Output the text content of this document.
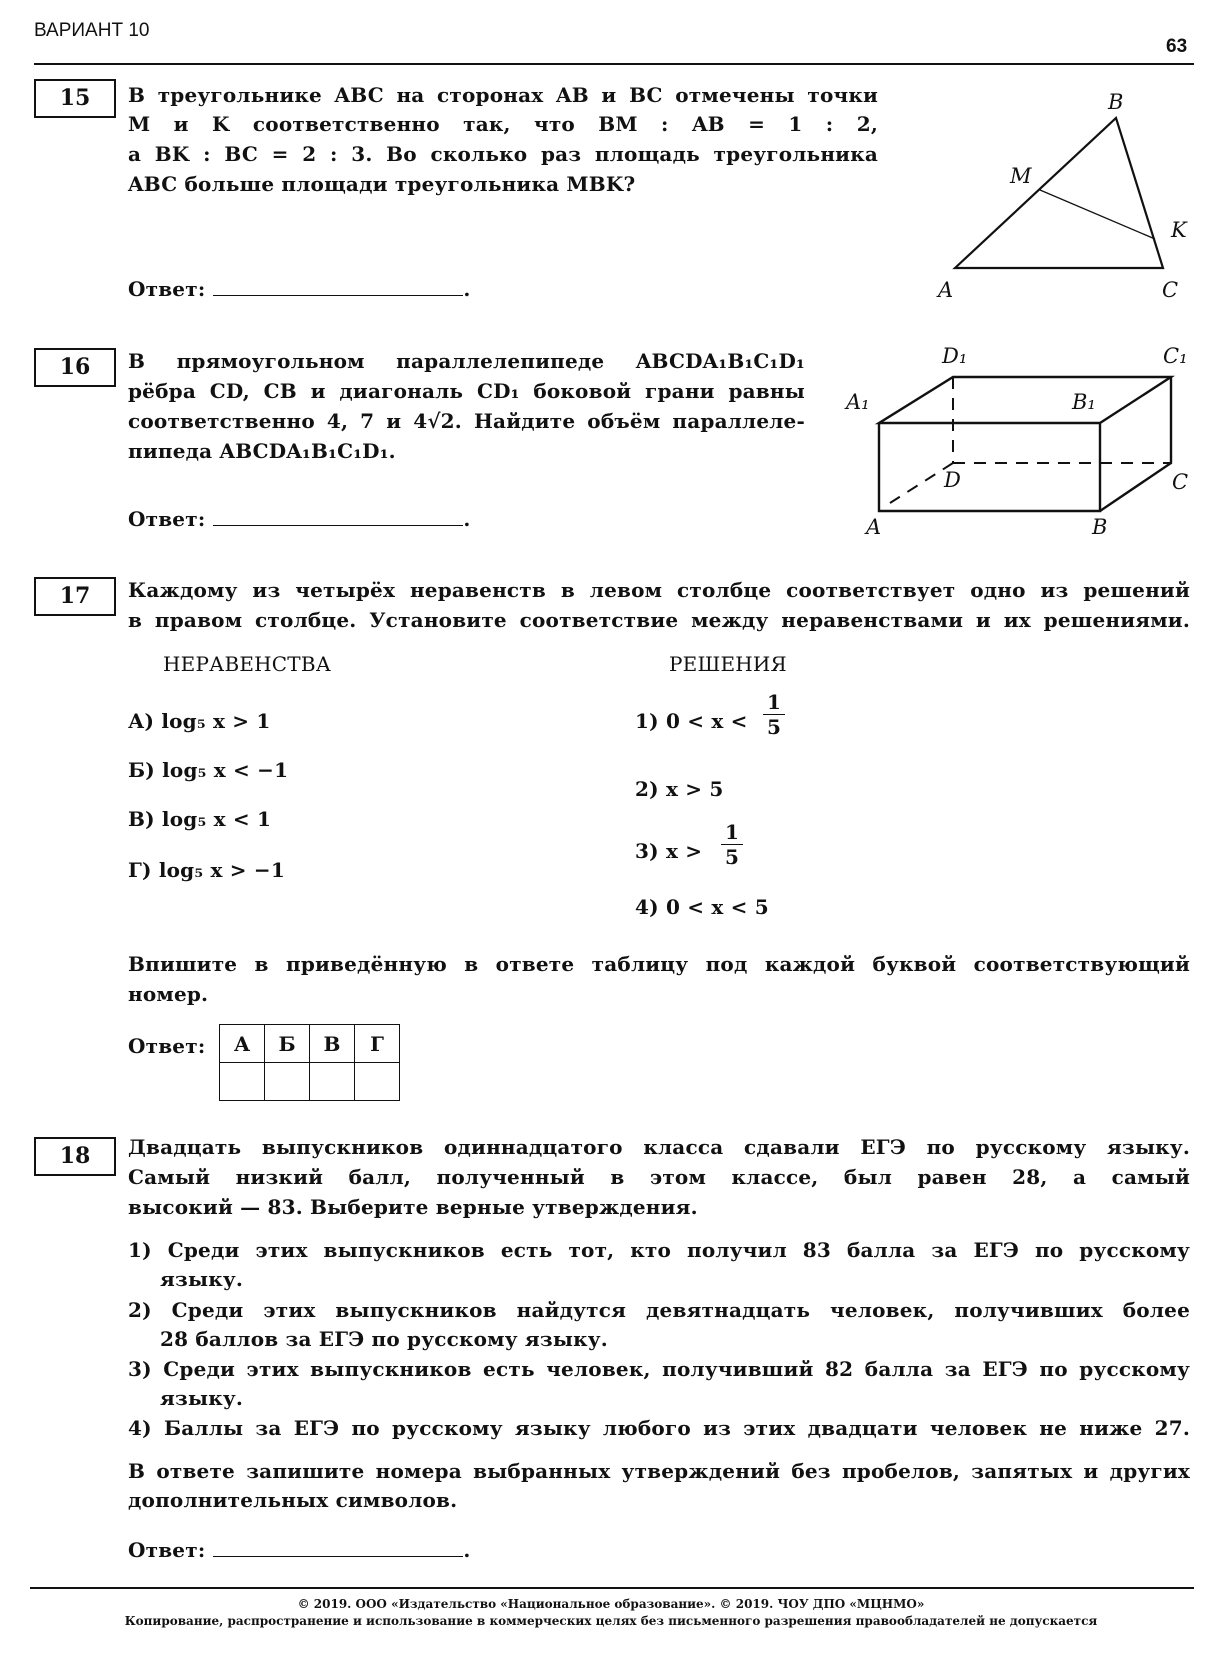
ВАРИАНТ 10
63
15	В треугольнике ABC на сторонах AB и BC отмечены точки
M и K соответственно так, что BM : AB = 1 : 2,
а BK : BC = 2 : 3. Во сколько раз площадь треугольника
ABC больше площади треугольника MBK?
Ответ:	.
B
M
K
A	C
16	В прямоугольном параллелепипеде ABCDA₁B₁C₁D₁
рёбра CD, CB и диагональ CD₁ боковой грани равны
соответственно 4, 7 и 4√2. Найдите объём параллеле-
пипеда ABCDA₁B₁C₁D₁.
Ответ:	.
D₁	C₁
A₁	B₁
D	C
A	B
17	Каждому из четырёх неравенств в левом столбце соответствует одно из решений
в правом столбце. Установите соответствие между неравенствами и их решениями.
НЕРАВЕНСТВА	РЕШЕНИЯ
А) log₅ x > 1
Б) log₅ x < −1
В) log₅ x < 1
Г) log₅ x > −1
1) $0 < x < \frac{1}{5}$
2) x > 5
3) $x > \frac{1}{5}$
4) 0 < x < 5
Впишите в приведённую в ответе таблицу под каждой буквой соответствующий
номер.
Ответ: А	Б	В	Г

18	Двадцать выпускников одиннадцатого класса сдавали ЕГЭ по русскому языку.
Самый низкий балл, полученный в этом классе, был равен 28, а самый
высокий — 83. Выберите верные утверждения.
1) Среди этих выпускников есть тот, кто получил 83 балла за ЕГЭ по русскому
языку.
2) Среди этих выпускников найдутся девятнадцать человек, получивших более
28 баллов за ЕГЭ по русскому языку.
3) Среди этих выпускников есть человек, получивший 82 балла за ЕГЭ по русскому
языку.
4) Баллы за ЕГЭ по русскому языку любого из этих двадцати человек не ниже 27.
В ответе запишите номера выбранных утверждений без пробелов, запятых и других
дополнительных символов.
Ответ:	.
© 2019. ООО «Издательство «Национальное образование». © 2019. ЧОУ ДПО «МЦНМО»
Копирование, распространение и использование в коммерческих целях без письменного разрешения правообладателей не допускается
